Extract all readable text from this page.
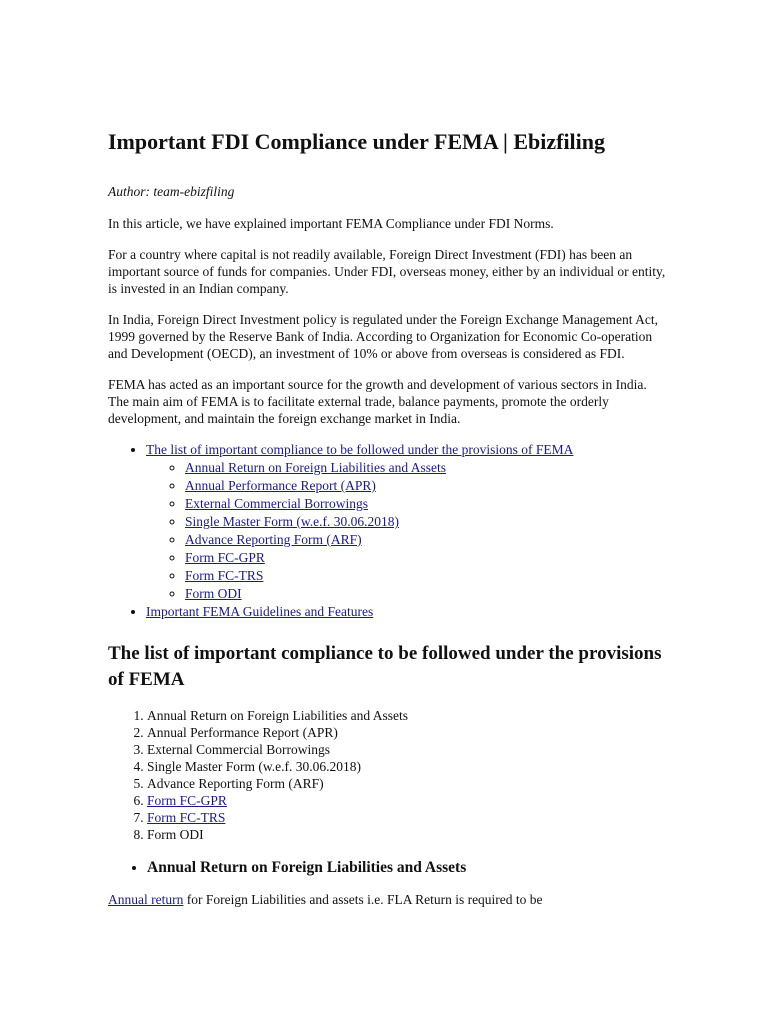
Important FDI Compliance under FEMA | Ebizfiling
Author: team-ebizfiling

In this article, we have explained important FEMA Compliance under FDI Norms.

For a country where capital is not readily available, Foreign Direct Investment (FDI) has been an important source of funds for companies. Under FDI, overseas money, either by an individual or entity, is invested in an Indian company.

In India, Foreign Direct Investment policy is regulated under the Foreign Exchange Management Act, 1999 governed by the Reserve Bank of India. According to Organization for Economic Co-operation and Development (OECD), an investment of 10% or above from overseas is considered as FDI.

FEMA has acted as an important source for the growth and development of various sectors in India. The main aim of FEMA is to facilitate external trade, balance payments, promote the orderly development, and maintain the foreign exchange market in India.

• The list of important compliance to be followed under the provisions of FEMA
◦ Annual Return on Foreign Liabilities and Assets
◦ Annual Performance Report (APR)
◦ External Commercial Borrowings
◦ Single Master Form (w.e.f. 30.06.2018)
◦ Advance Reporting Form (ARF)
◦ Form FC-GPR
◦ Form FC-TRS
◦ Form ODI
• Important FEMA Guidelines and Features
The list of important compliance to be followed under the provisions of FEMA
1. Annual Return on Foreign Liabilities and Assets
2. Annual Performance Report (APR)
3. External Commercial Borrowings
4. Single Master Form (w.e.f. 30.06.2018)
5. Advance Reporting Form (ARF)
6. Form FC-GPR
7. Form FC-TRS
8. Form ODI
• Annual Return on Foreign Liabilities and Assets

Annual return for Foreign Liabilities and assets i.e. FLA Return is required to be
